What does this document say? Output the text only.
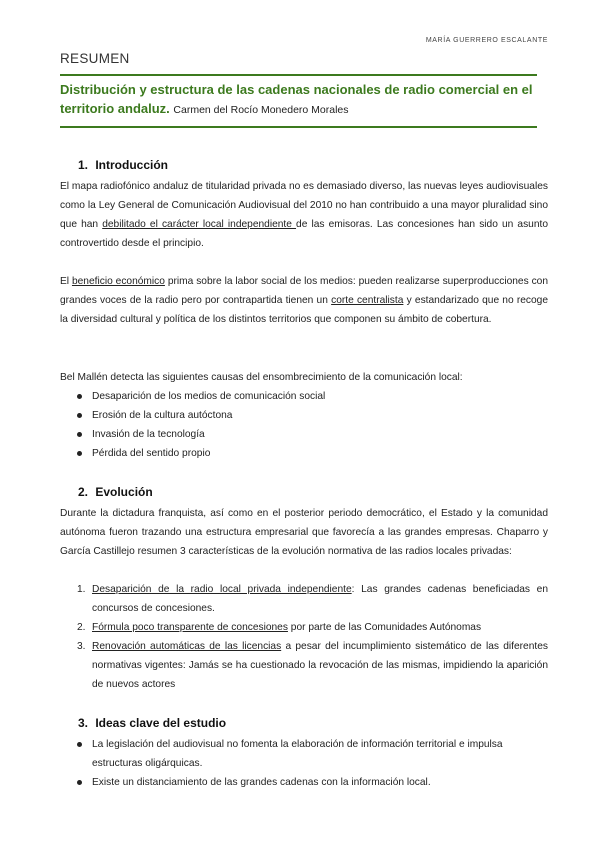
MARÍA GUERRERO ESCALANTE
RESUMEN
Distribución y estructura de las cadenas nacionales de radio comercial en el territorio andaluz. Carmen del Rocío Monedero Morales
1. Introducción

El mapa radiofónico andaluz de titularidad privada no es demasiado diverso, las nuevas leyes audiovisuales como la Ley General de Comunicación Audiovisual del 2010 no han contribuido a una mayor pluralidad sino que han debilitado el carácter local independiente de las emisoras. Las concesiones han sido un asunto controvertido desde el principio.

El beneficio económico prima sobre la labor social de los medios: pueden realizarse superproducciones con grandes voces de la radio pero por contrapartida tienen un corte centralista y estandarizado que no recoge la diversidad cultural y política de los distintos territorios que componen su ámbito de cobertura.

Bel Mallén detecta las siguientes causas del ensombrecimiento de la comunicación local:

Desaparición de los medios de comunicación social
Erosión de la cultura autóctona
Invasión de la tecnología
Pérdida del sentido propio
2. Evolución

Durante la dictadura franquista, así como en el posterior periodo democrático, el Estado y la comunidad autónoma fueron trazando una estructura empresarial que favorecía a las grandes empresas. Chaparro y García Castillejo resumen 3 características de la evolución normativa de las radios locales privadas:

1. Desaparición de la radio local privada independiente: Las grandes cadenas beneficiadas en concursos de concesiones.
2. Fórmula poco transparente de concesiones por parte de las Comunidades Autónomas
3. Renovación automáticas de las licencias a pesar del incumplimiento sistemático de las diferentes normativas vigentes: Jamás se ha cuestionado la revocación de las mismas, impidiendo la aparición de nuevos actores
3. Ideas clave del estudio
La legislación del audiovisual no fomenta la elaboración de información territorial e impulsa estructuras oligárquicas.
Existe un distanciamiento de las grandes cadenas con la información local.
